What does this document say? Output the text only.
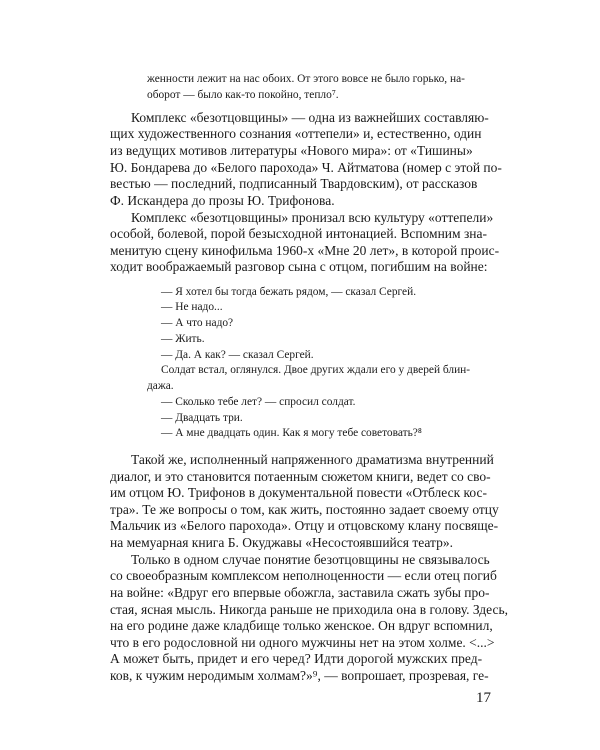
женности лежит на нас обоих. От этого вовсе не было горько, на-
оборот — было как-то покойно, тепло⁷.
Комплекс «безотцовщины» — одна из важнейших составляю-
щих художественного сознания «оттепели» и, естественно, один
из ведущих мотивов литературы «Нового мира»: от «Тишины»
Ю. Бондарева до «Белого парохода» Ч. Айтматова (номер с этой по-
вестью — последний, подписанный Твардовским), от рассказов
Ф. Искандера до прозы Ю. Трифонова.
Комплекс «безотцовщины» пронизал всю культуру «оттепели»
особой, болевой, порой безысходной интонацией. Вспомним зна-
менитую сцену кинофильма 1960-х «Мне 20 лет», в которой проис-
ходит воображаемый разговор сына с отцом, погибшим на войне:
— Я хотел бы тогда бежать рядом, — сказал Сергей.
— Не надо...
— А что надо?
— Жить.
— Да. А как? — сказал Сергей.
Солдат встал, оглянулся. Двое других ждали его у дверей блин-
дажа.
— Сколько тебе лет? — спросил солдат.
— Двадцать три.
— А мне двадцать один. Как я могу тебе советовать?⁸
Такой же, исполненный напряженного драматизма внутренний
диалог, и это становится потаенным сюжетом книги, ведет со сво-
им отцом Ю. Трифонов в документальной повести «Отблеск кос-
тра». Те же вопросы о том, как жить, постоянно задает своему отцу
Мальчик из «Белого парохода». Отцу и отцовскому клану посвяще-
на мемуарная книга Б. Окуджавы «Несостоявшийся театр».
Только в одном случае понятие безотцовщины не связывалось
со своеобразным комплексом неполноценности — если отец погиб
на войне: «Вдруг его впервые обожгла, заставила сжать зубы про-
стая, ясная мысль. Никогда раньше не приходила она в голову. Здесь,
на его родине даже кладбище только женское. Он вдруг вспомнил,
что в его родословной ни одного мужчины нет на этом холме. <...>
А может быть, придет и его черед? Идти дорогой мужских пред-
ков, к чужим неродимым холмам?»⁹, — вопрошает, прозревая, ге-
17
